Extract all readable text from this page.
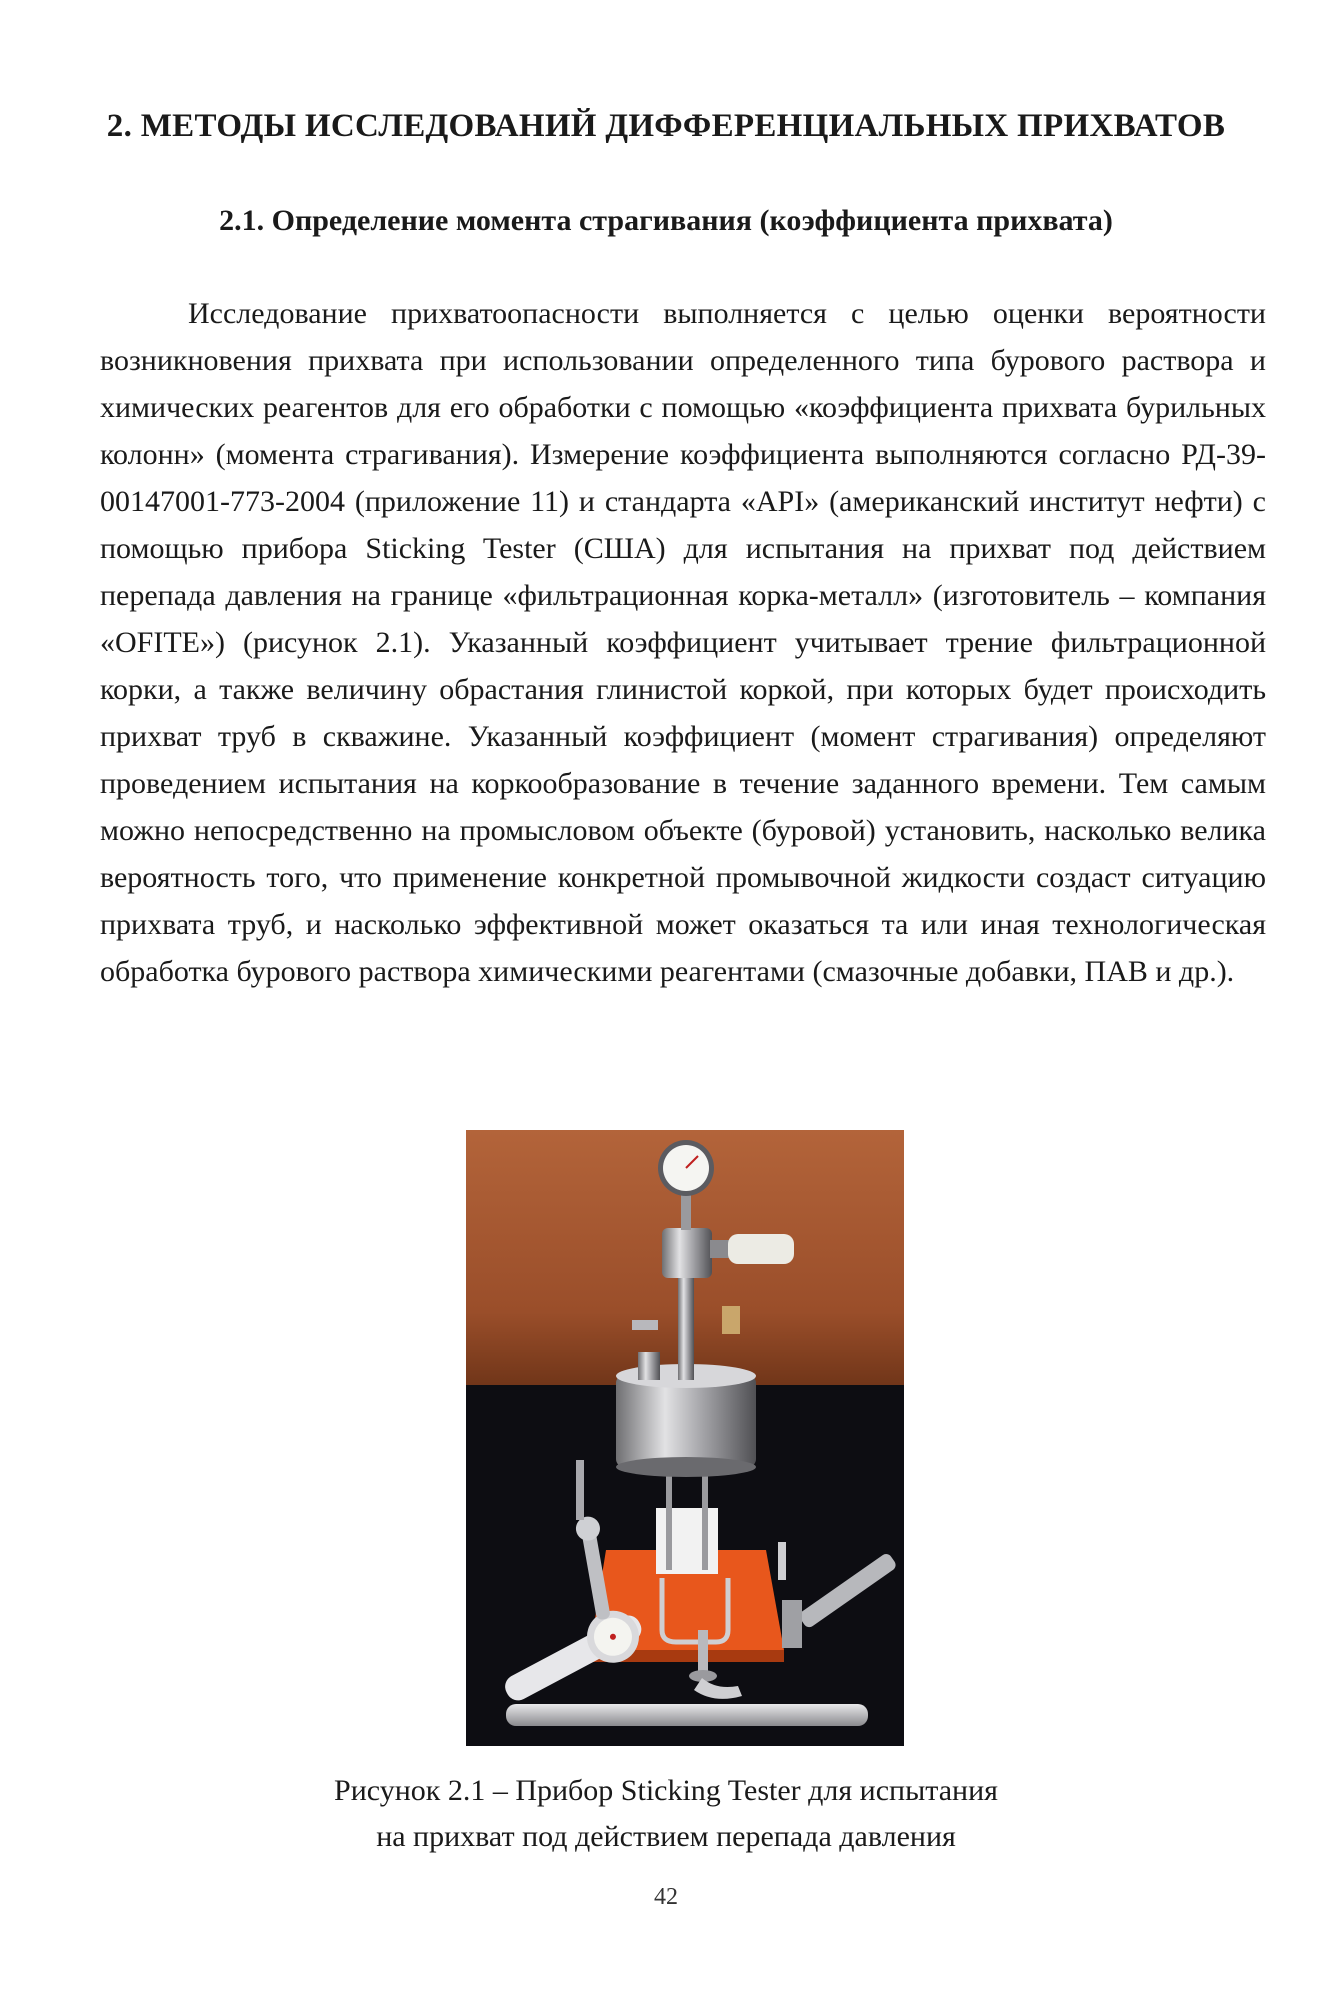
2. МЕТОДЫ ИССЛЕДОВАНИЙ ДИФФЕРЕНЦИАЛЬНЫХ ПРИХВАТОВ
2.1. Определение момента страгивания (коэффициента прихвата)

Исследование прихватоопасности выполняется с целью оценки вероятности возникновения прихвата при использовании определенного типа бурового раствора и химических реагентов для его обработки с помощью «коэффициента прихвата бурильных колонн» (момента страгивания). Измерение коэффициента выполняются согласно РД-39-00147001-773-2004 (приложение 11) и стандарта «API» (американский институт нефти) с помощью прибора Sticking Tester (США) для испытания на прихват под действием перепада давления на границе «фильтрационная корка-металл» (изготовитель – компания «OFITE») (рисунок 2.1). Указанный коэффициент учитывает трение фильтрационной корки, а также величину обрастания глинистой коркой, при которых будет происходить прихват труб в скважине. Указанный коэффициент (момент страгивания) определяют проведением испытания на коркообразование в течение заданного времени. Тем самым можно непосредственно на промысловом объекте (буровой) установить, насколько велика вероятность того, что применение конкретной промывочной жидкости создаст ситуацию прихвата труб, и насколько эффективной может оказаться та или иная технологическая обработка бурового раствора химическими реагентами (смазочные добавки, ПАВ и др.).

Рисунок 2.1 – Прибор Sticking Tester для испытания
на прихват под действием перепада давления

42
